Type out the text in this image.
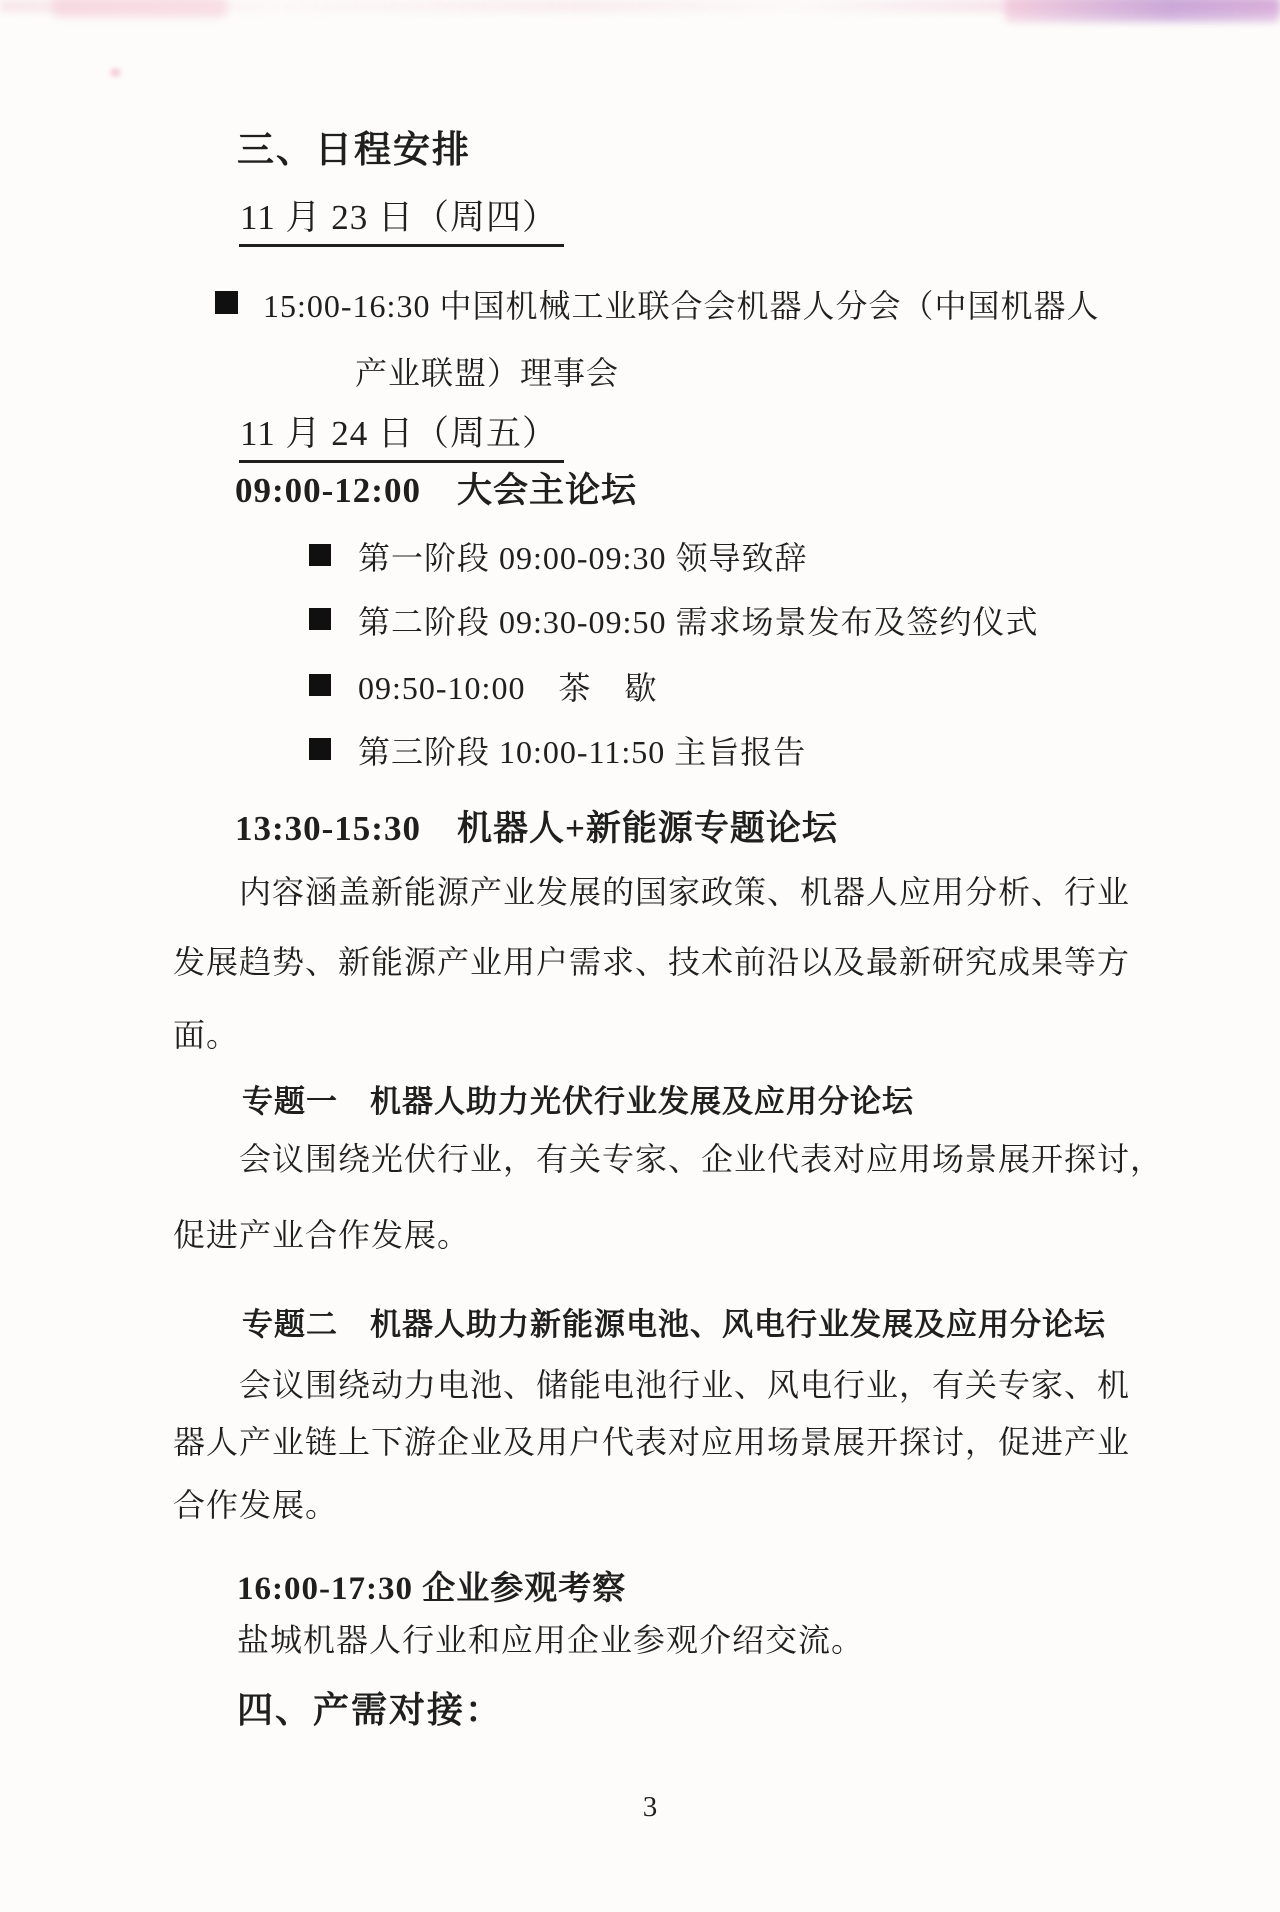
三、日程安排
11 月 23 日（周四）
15:00-16:30 中国机械工业联合会机器人分会（中国机器人
产业联盟）理事会
11 月 24 日（周五）
09:00-12:00　大会主论坛
第一阶段 09:00-09:30 领导致辞
第二阶段 09:30-09:50 需求场景发布及签约仪式
09:50-10:00　茶　歇
第三阶段 10:00-11:50 主旨报告
13:30-15:30　机器人+新能源专题论坛
内容涵盖新能源产业发展的国家政策、机器人应用分析、行业
发展趋势、新能源产业用户需求、技术前沿以及最新研究成果等方
面。
专题一　机器人助力光伏行业发展及应用分论坛
会议围绕光伏行业，有关专家、企业代表对应用场景展开探讨，
促进产业合作发展。
专题二　机器人助力新能源电池、风电行业发展及应用分论坛
会议围绕动力电池、储能电池行业、风电行业，有关专家、机
器人产业链上下游企业及用户代表对应用场景展开探讨，促进产业
合作发展。
16:00-17:30 企业参观考察
盐城机器人行业和应用企业参观介绍交流。
四、产需对接：
3
